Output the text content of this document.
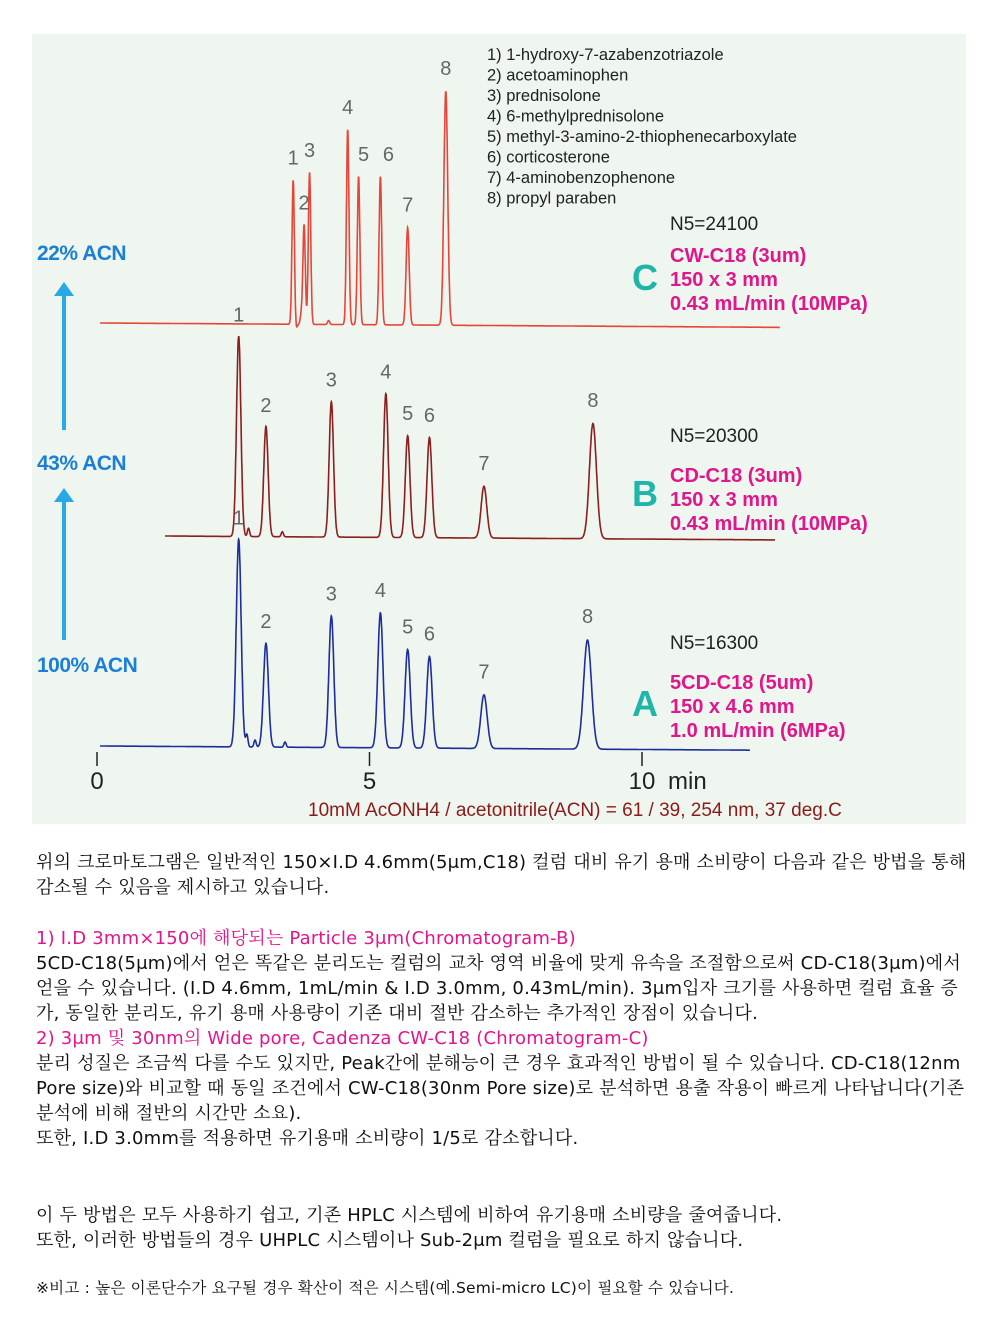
1
2
3
4
5 6
7
8
C
N5=24100
CW-C18 (3um)
150 x 3 mm
0.43 mL/min (10MPa)
1
2
3 4
5 6
7
8
B
N5=20300
CD-C18 (3um)
150 x 3 mm
0.43 mL/min (10MPa)
1
2
3 4
5 6
7
8
A
N5=16300
5CD-C18 (5um)
150 x 4.6 mm
1.0 mL/min (6MPa)
22% ACN
43% ACN
100% ACN
1) 1-hydroxy-7-azabenzotriazole
2) acetoaminophen
3) prednisolone
4) 6-methylprednisolone
5) methyl-3-amino-2-thiophenecarboxylate
6) corticosterone
7) 4-aminobenzophenone
8) propyl paraben
0	5	10 min
10mM AcONH4 / acetonitrile(ACN) = 61 / 39, 254 nm, 37 deg.C

위의 크로마토그램은 일반적인 150×I.D 4.6mm(5μm,C18) 컬럼 대비 유기 용매 소비량이 다음과 같은 방법을 통해 감소될 수 있음을 제시하고 있습니다.

1) I.D 3mm×150에 해당되는 Particle 3μm(Chromatogram-B)

5CD-C18(5μm)에서 얻은 똑같은 분리도는 컬럼의 교차 영역 비율에 맞게 유속을 조절함으로써 CD-C18(3μm)에서 얻을 수 있습니다. (I.D 4.6mm, 1mL/min & I.D 3.0mm, 0.43mL/min). 3μm입자 크기를 사용하면 컬럼 효율 증가, 동일한 분리도, 유기 용매 사용량이 기존 대비 절반 감소하는 추가적인 장점이 있습니다.

2) 3μm 및 30nm의 Wide pore, Cadenza CW-C18 (Chromatogram-C)

분리 성질은 조금씩 다를 수도 있지만, Peak간에 분해능이 큰 경우 효과적인 방법이 될 수 있습니다. CD-C18(12nm Pore size)와 비교할 때 동일 조건에서 CW-C18(30nm Pore size)로 분석하면 용출 작용이 빠르게 나타납니다(기존 분석에 비해 절반의 시간만 소요).

또한, I.D 3.0mm를 적용하면 유기용매 소비량이 1/5로 감소합니다.

이 두 방법은 모두 사용하기 쉽고, 기존 HPLC 시스템에 비하여 유기용매 소비량을 줄여줍니다.

또한, 이러한 방법들의 경우 UHPLC 시스템이나 Sub-2μm 컬럼을 필요로 하지 않습니다.

※비고 : 높은 이론단수가 요구될 경우 확산이 적은 시스템(예.Semi-micro LC)이 필요할 수 있습니다.
